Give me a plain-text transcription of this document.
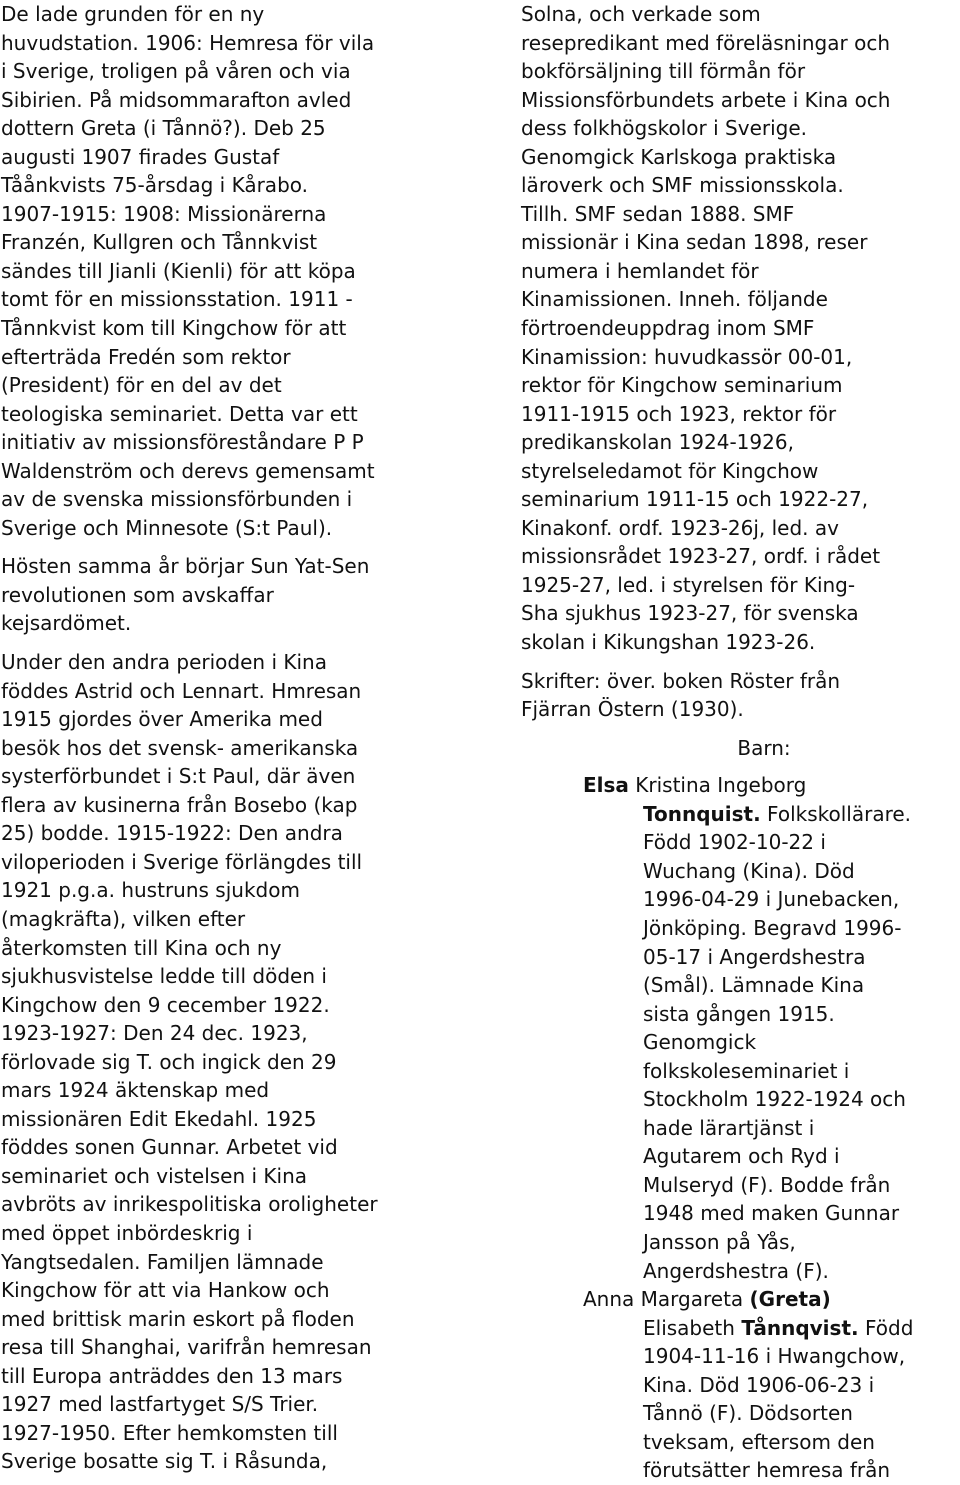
De lade grunden för en ny
huvudstation. 1906: Hemresa för vila
i Sverige, troligen på våren och via
Sibirien. På midsommarafton avled
dottern Greta (i Tånnö?). Deb 25
augusti 1907 firades Gustaf
Tåånkvists 75-årsdag i Kårabo.
1907-1915: 1908: Missionärerna
Franzén, Kullgren och Tånnkvist
sändes till Jianli (Kienli) för att köpa
tomt för en missionsstation. 1911 -
Tånnkvist kom till Kingchow för att
efterträda Fredén som rektor
(President) för en del av det
teologiska seminariet. Detta var ett
initiativ av missionsföreståndare P P
Waldenström och derevs gemensamt
av de svenska missionsförbunden i
Sverige och Minnesote (S:t Paul).
Hösten samma år börjar Sun Yat-Sen
revolutionen som avskaffar
kejsardömet.
Under den andra perioden i Kina
föddes Astrid och Lennart. Hmresan
1915 gjordes över Amerika med
besök hos det svensk- amerikanska
systerförbundet i S:t Paul, där även
flera av kusinerna från Bosebo (kap
25) bodde. 1915-1922: Den andra
viloperioden i Sverige förlängdes till
1921 p.g.a. hustruns sjukdom
(magkräfta), vilken efter
återkomsten till Kina och ny
sjukhusvistelse ledde till döden i
Kingchow den 9 cecember 1922.
1923-1927: Den 24 dec. 1923,
förlovade sig T. och ingick den 29
mars 1924 äktenskap med
missionären Edit Ekedahl. 1925
föddes sonen Gunnar. Arbetet vid
seminariet och vistelsen i Kina
avbröts av inrikespolitiska oroligheter
med öppet inbördeskrig i
Yangtsedalen. Familjen lämnade
Kingchow för att via Hankow och
med brittisk marin eskort på floden
resa till Shanghai, varifrån hemresan
till Europa anträddes den 13 mars
1927 med lastfartyget S/S Trier.
1927-1950. Efter hemkomsten till
Sverige bosatte sig T. i Råsunda,
Solna, och verkade som
resepredikant med föreläsningar och
bokförsäljning till förmån för
Missionsförbundets arbete i Kina och
dess folkhögskolor i Sverige.
Genomgick Karlskoga praktiska
läroverk och SMF missionsskola.
Tillh. SMF sedan 1888. SMF
missionär i Kina sedan 1898, reser
numera i hemlandet för
Kinamissionen. Inneh. följande
förtroendeuppdrag inom SMF
Kinamission: huvudkassör 00-01,
rektor för Kingchow seminarium
1911-1915 och 1923, rektor för
predikanskolan 1924-1926,
styrelseledamot för Kingchow
seminarium 1911-15 och 1922-27,
Kinakonf. ordf. 1923-26j, led. av
missionsrådet 1923-27, ordf. i rådet
1925-27, led. i styrelsen för King-
Sha sjukhus 1923-27, för svenska
skolan i Kikungshan 1923-26.
Skrifter: över. boken Röster från
Fjärran Östern (1930).
Barn:
Elsa Kristina Ingeborg
Tonnquist. Folkskollärare.
Född 1902-10-22 i
Wuchang (Kina). Död
1996-04-29 i Junebacken,
Jönköping. Begravd 1996-
05-17 i Angerdshestra
(Smål). Lämnade Kina
sista gången 1915.
Genomgick
folkskoleseminariet i
Stockholm 1922-1924 och
hade lärartjänst i
Agutarem och Ryd i
Mulseryd (F). Bodde från
1948 med maken Gunnar
Jansson på Yås,
Angerdshestra (F).
Anna Margareta (Greta)
Elisabeth Tånnqvist. Född
1904-11-16 i Hwangchow,
Kina. Död 1906-06-23 i
Tånnö (F). Dödsorten
tveksam, eftersom den
förutsätter hemresa från
